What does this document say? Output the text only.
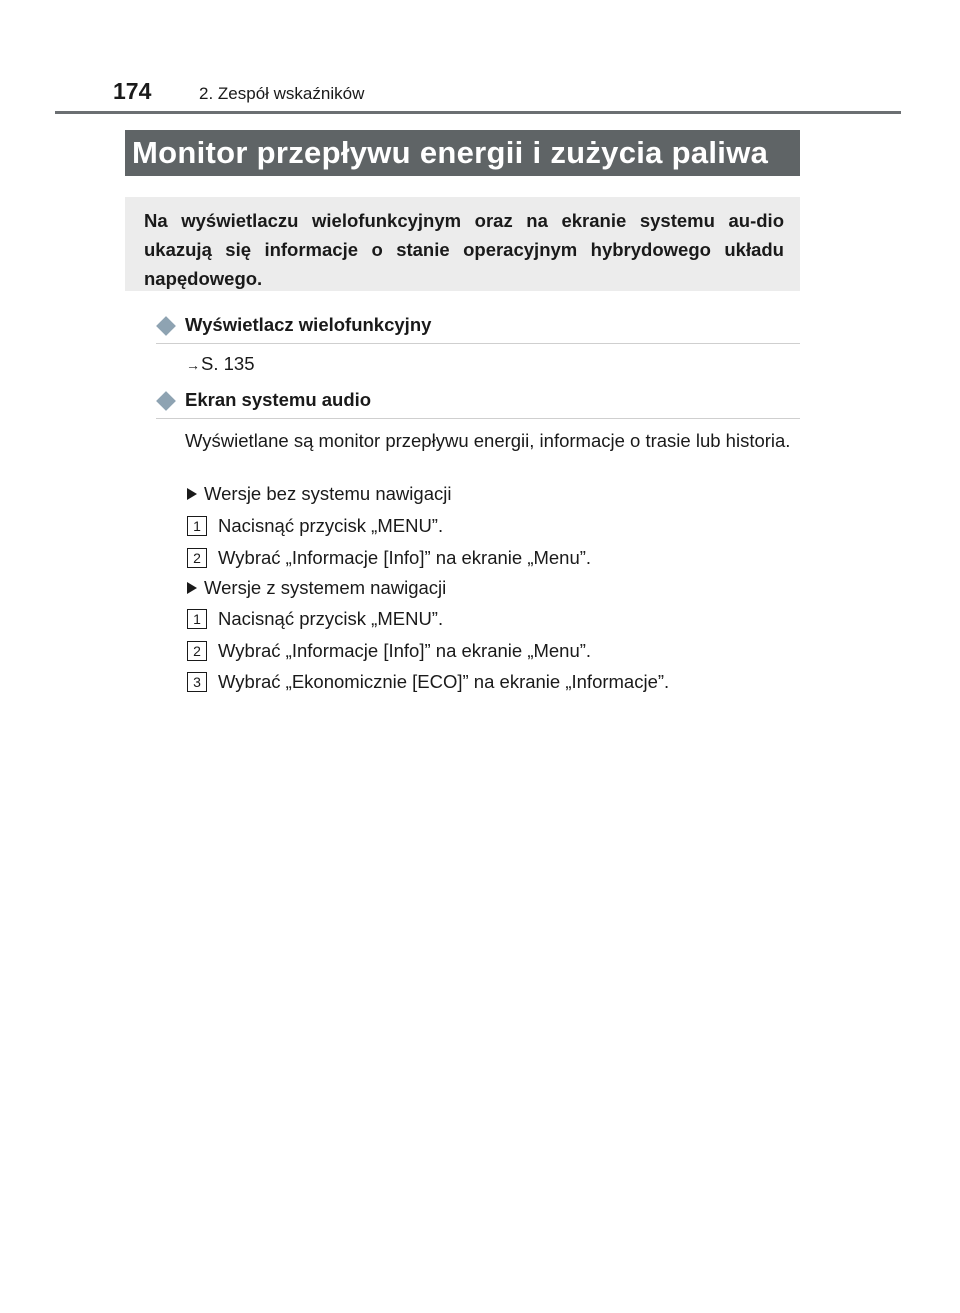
174	2. Zespół wskaźników
Monitor przepływu energii i zużycia paliwa

Na wyświetlaczu wielofunkcyjnym oraz na ekranie systemu au-dio ukazują się informacje o stanie operacyjnym hybrydowego układu napędowego.

Wyświetlacz wielofunkcyjny
→S. 135
Ekran systemu audio

Wyświetlane są monitor przepływu energii, informacje o trasie lub historia.

Wersje bez systemu nawigacji
1 Nacisnąć przycisk „MENU”.
2 Wybrać „Informacje [Info]” na ekranie „Menu”.
Wersje z systemem nawigacji
1 Nacisnąć przycisk „MENU”.
2 Wybrać „Informacje [Info]” na ekranie „Menu”.
3 Wybrać „Ekonomicznie [ECO]” na ekranie „Informacje”.
